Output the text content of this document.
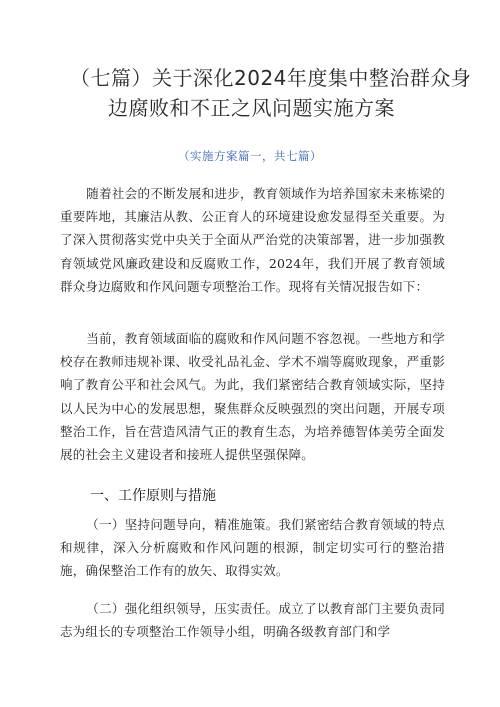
（七篇）关于深化2024年度集中整治群众身
边腐败和不正之风问题实施方案
（实施方案篇一，共七篇）
随着社会的不断发展和进步，教育领域作为培养国家未来栋梁的重要阵地，其廉洁从教、公正育人的环境建设愈发显得至关重要。为了深入贯彻落实党中央关于全面从严治党的决策部署，进一步加强教育领域党风廉政建设和反腐败工作，2024年，我们开展了教育领域群众身边腐败和作风问题专项整治工作。现将有关情况报告如下：
当前，教育领域面临的腐败和作风问题不容忽视。一些地方和学校存在教师违规补课、收受礼品礼金、学术不端等腐败现象，严重影响了教育公平和社会风气。为此，我们紧密结合教育领域实际，坚持以人民为中心的发展思想，聚焦群众反映强烈的突出问题，开展专项整治工作，旨在营造风清气正的教育生态，为培养德智体美劳全面发展的社会主义建设者和接班人提供坚强保障。
一、工作原则与措施
（一）坚持问题导向，精准施策。我们紧密结合教育领域的特点和规律，深入分析腐败和作风问题的根源，制定切实可行的整治措施，确保整治工作有的放矢、取得实效。
（二）强化组织领导，压实责任。成立了以教育部门主要负责同志为组长的专项整治工作领导小组，明确各级教育部门和学
